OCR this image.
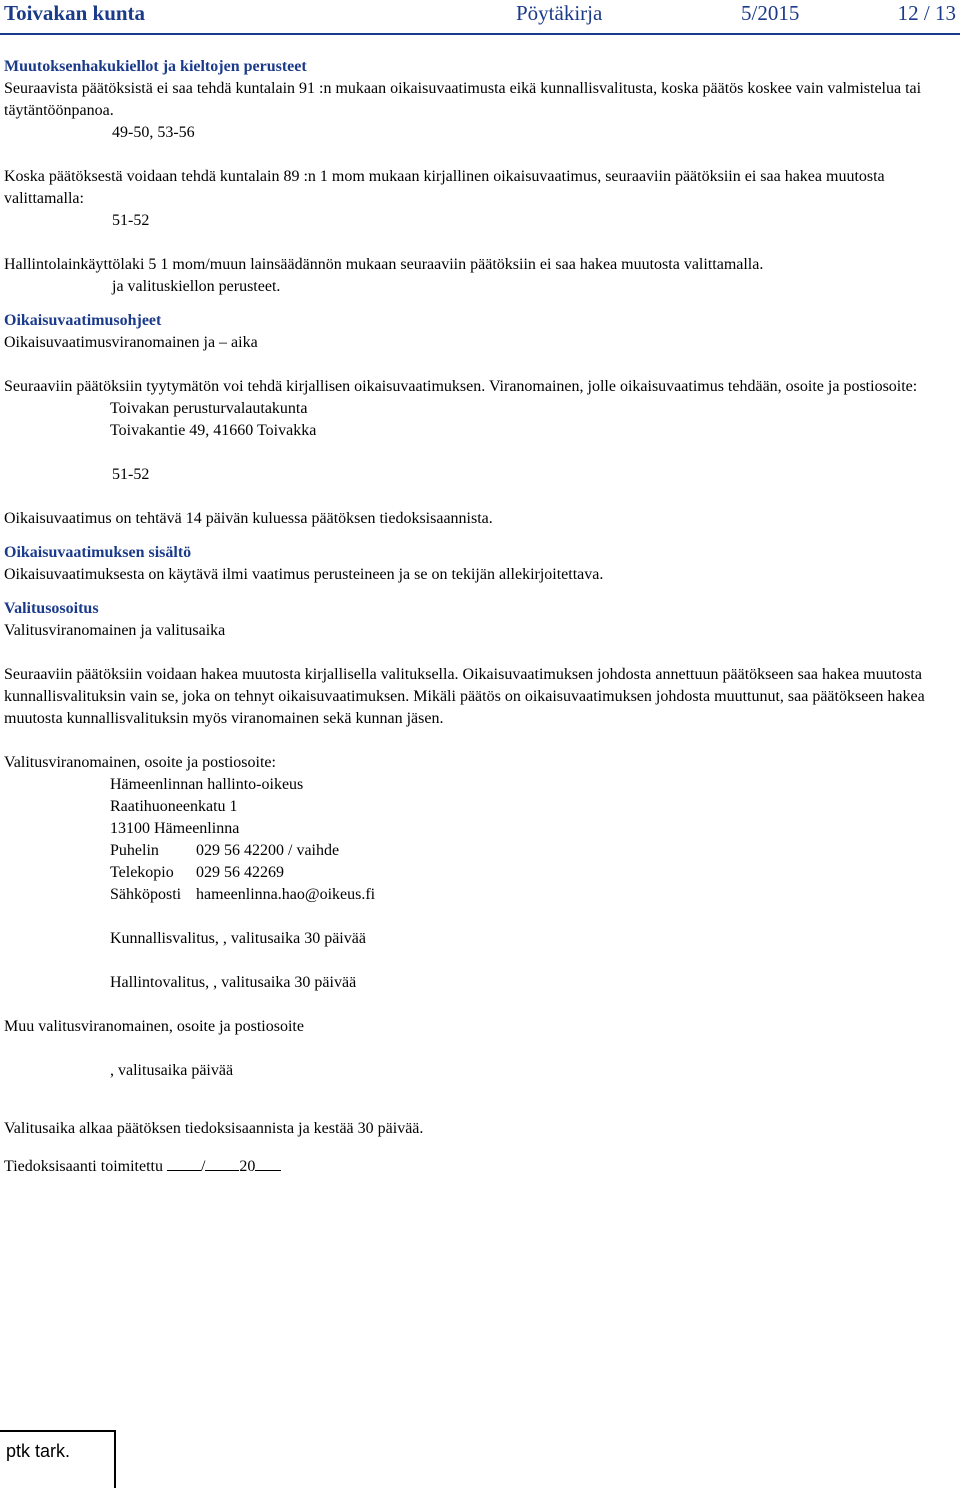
Toivakan kunta	Pöytäkirja	5/2015	12 / 13

Muutoksenhakukiellot ja kieltojen perusteet

Seuraavista päätöksistä ei saa tehdä kuntalain 91 :n mukaan oikaisuvaatimusta eikä kunnallisvalitusta, koska päätös koskee vain valmistelua tai täytäntöönpanoa.

49-50, 53-56

Koska päätöksestä voidaan tehdä kuntalain 89 :n 1 mom mukaan kirjallinen oikaisuvaatimus, seuraaviin päätöksiin ei saa hakea muutosta valittamalla:

51-52

Hallintolainkäyttölaki 5 1 mom/muun lainsäädännön mukaan seuraaviin päätöksiin ei saa hakea muutosta valittamalla.

ja valituskiellon perusteet.

Oikaisuvaatimusohjeet

Oikaisuvaatimusviranomainen ja – aika

Seuraaviin päätöksiin tyytymätön voi tehdä kirjallisen oikaisuvaatimuksen. Viranomainen, jolle oikaisuvaatimus tehdään, osoite ja postiosoite:

Toivakan perusturvalautakunta

Toivakantie 49, 41660 Toivakka

51-52

Oikaisuvaatimus on tehtävä 14 päivän kuluessa päätöksen tiedoksisaannista.

Oikaisuvaatimuksen sisältö

Oikaisuvaatimuksesta on käytävä ilmi vaatimus perusteineen ja se on tekijän allekirjoitettava.

Valitusosoitus

Valitusviranomainen ja valitusaika

Seuraaviin päätöksiin voidaan hakea muutosta kirjallisella valituksella. Oikaisuvaatimuksen johdosta annettuun päätökseen saa hakea muutosta kunnallisvalituksin vain se, joka on tehnyt oikaisuvaatimuksen. Mikäli päätös on oikaisuvaatimuksen johdosta muuttunut, saa päätökseen hakea muutosta kunnallisvalituksin myös viranomainen sekä kunnan jäsen.

Valitusviranomainen, osoite ja postiosoite:

Hämeenlinnan hallinto-oikeus

Raatihuoneenkatu 1

13100 Hämeenlinna

Puhelin 029 56 42200 / vaihde

Telekopio 029 56 42269

Sähköposti hameenlinna.hao@oikeus.fi

Kunnallisvalitus, , valitusaika 30 päivää

Hallintovalitus, , valitusaika 30 päivää

Muu valitusviranomainen, osoite ja postiosoite

, valitusaika päivää

Valitusaika alkaa päätöksen tiedoksisaannista ja kestää 30 päivää.

Tiedoksisaanti toimitettu / 20

ptk tark.
